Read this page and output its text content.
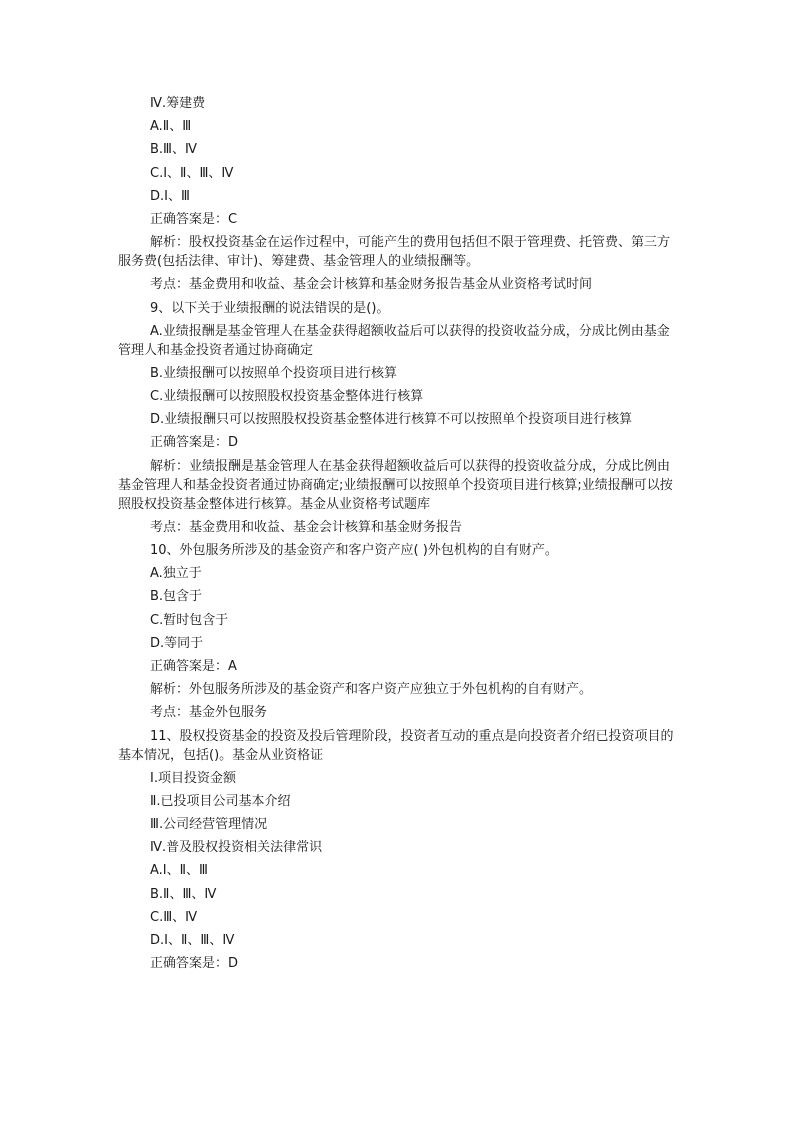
Ⅳ.筹建费

A.Ⅱ、Ⅲ

B.Ⅲ、Ⅳ

C.Ⅰ、Ⅱ、Ⅲ、Ⅳ

D.Ⅰ、Ⅲ

正确答案是：C

解析：股权投资基金在运作过程中，可能产生的费用包括但不限于管理费、托管费、第三方服务费(包括法律、审计)、筹建费、基金管理人的业绩报酬等。

考点：基金费用和收益、基金会计核算和基金财务报告基金从业资格考试时间

9、以下关于业绩报酬的说法错误的是()。

A.业绩报酬是基金管理人在基金获得超额收益后可以获得的投资收益分成，分成比例由基金管理人和基金投资者通过协商确定

B.业绩报酬可以按照单个投资项目进行核算

C.业绩报酬可以按照股权投资基金整体进行核算

D.业绩报酬只可以按照股权投资基金整体进行核算不可以按照单个投资项目进行核算

正确答案是：D

解析：业绩报酬是基金管理人在基金获得超额收益后可以获得的投资收益分成，分成比例由基金管理人和基金投资者通过协商确定;业绩报酬可以按照单个投资项目进行核算;业绩报酬可以按照股权投资基金整体进行核算。基金从业资格考试题库

考点：基金费用和收益、基金会计核算和基金财务报告

10、外包服务所涉及的基金资产和客户资产应( )外包机构的自有财产。

A.独立于

B.包含于

C.暂时包含于

D.等同于

正确答案是：A

解析：外包服务所涉及的基金资产和客户资产应独立于外包机构的自有财产。

考点：基金外包服务

11、股权投资基金的投资及投后管理阶段，投资者互动的重点是向投资者介绍已投资项目的基本情况，包括()。基金从业资格证

Ⅰ.项目投资金额

Ⅱ.已投项目公司基本介绍

Ⅲ.公司经营管理情况

Ⅳ.普及股权投资相关法律常识

A.Ⅰ、Ⅱ、Ⅲ

B.Ⅱ、Ⅲ、Ⅳ

C.Ⅲ、Ⅳ

D.Ⅰ、Ⅱ、Ⅲ、Ⅳ

正确答案是：D
